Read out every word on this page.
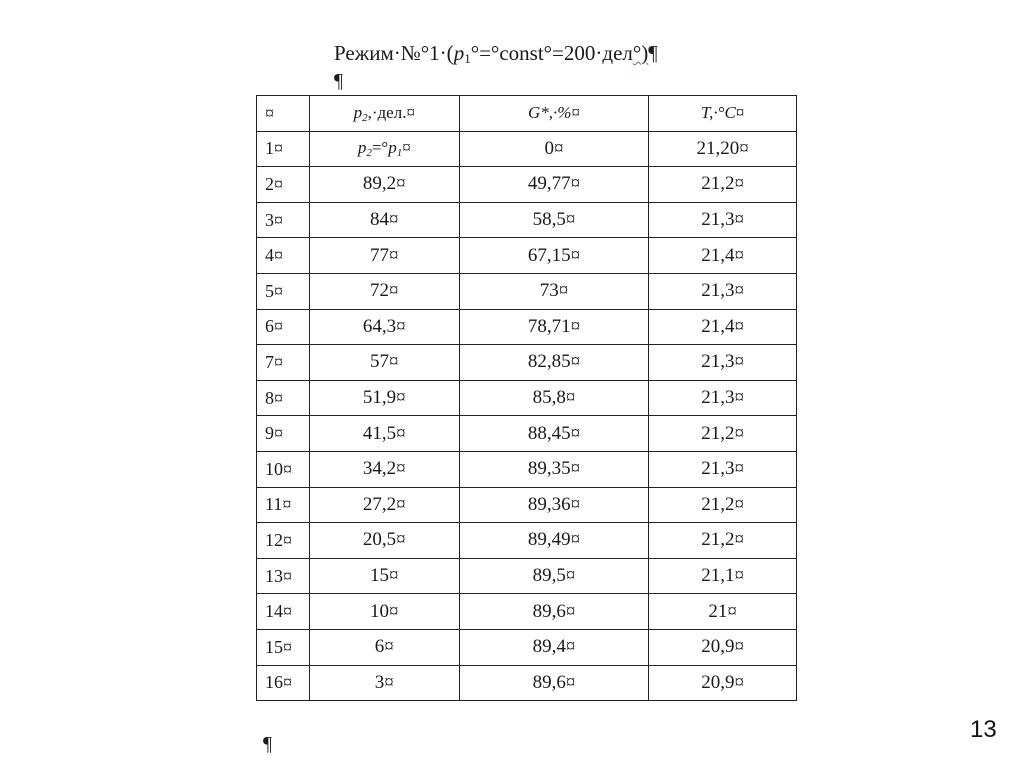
$Режим\cdot№^\circ 1\cdot(p_1^\circ=^\circ const^\circ=200\cdot дел^\circ)\P$
¶
¤	$p_2,\cdot дел.¤$	G*,·%¤	T,·°C¤
1¤	$p_2=^\circ p_1¤$	0¤	21,20¤
2¤	89,2¤	49,77¤	21,2¤
3¤	84¤	58,5¤	21,3¤
4¤	77¤	67,15¤	21,4¤
5¤	72¤	73¤	21,3¤
6¤	64,3¤	78,71¤	21,4¤
7¤	57¤	82,85¤	21,3¤
8¤	51,9¤	85,8¤	21,3¤
9¤	41,5¤	88,45¤	21,2¤
10¤	34,2¤	89,35¤	21,3¤
11¤	27,2¤	89,36¤	21,2¤
12¤	20,5¤	89,49¤	21,2¤
13¤	15¤	89,5¤	21,1¤
14¤	10¤	89,6¤	21¤
15¤	6¤	89,4¤	20,9¤
16¤	3¤	89,6¤	20,9¤
¶
13
